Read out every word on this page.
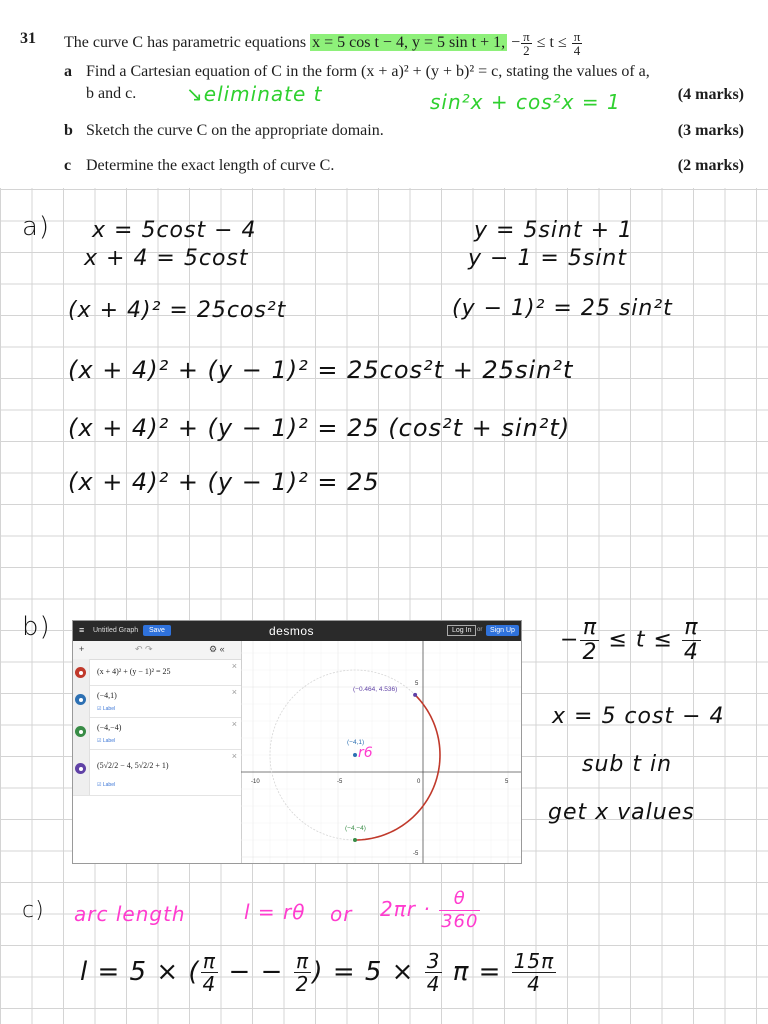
31 The curve C has parametric equations x = 5 cos t − 4, y = 5 sin t + 1, − $\frac{\pi}{2} \le t \le \frac{\pi}{4}$
a Find a Cartesian equation of C in the form (x + a)² + (y + b)² = c, stating the values of a,
b and c.	(4 marks)
b Sketch the curve C on the appropriate domain.	(3 marks)
c Determine the exact length of curve C.	(2 marks)
↘eliminate t	sin²x + cos²x = 1
a) x = 5cost − 4
x + 4 = 5cost
(x + 4)² = 25cos²t
y = 5sint + 1
y − 1 = 5sint
(y − 1)² = 25 sin²t
(x + 4)² + (y − 1)² = 25cos²t + 25sin²t
(x + 4)² + (y − 1)² = 25 (cos²t + sin²t)
(x + 4)² + (y − 1)² = 25
b)	≡ Untitled Graph	Save	desmos	Log In or	Sign Up
+	↶ ↷	⚙ «
(x + 4)² + (y − 1)² = 25
×
(−4,1)
☑ Label
×
(−4,−4)
☑ Label
×
(5√2/2 − 4, 5√2/2 + 1)
☑ Label
×
-10	-5	0	5
5
-5
(−0.464, 4.536)
(−4,1)
(−4,−4)
r6
− $\frac{\pi}{2} \le t \le \frac{\pi}{4}$
x = 5 cost − 4
sub t in
get x values
c) arc length	l = rθ or $2\pi r \cdot \frac{\theta}{360}$
l = 5 × ( $\frac{\pi}{4}$ − − $\frac{\pi}{2}$ ) = $5 \times \frac{3}{4}$ $\pi = \frac{15\pi}{4}$
